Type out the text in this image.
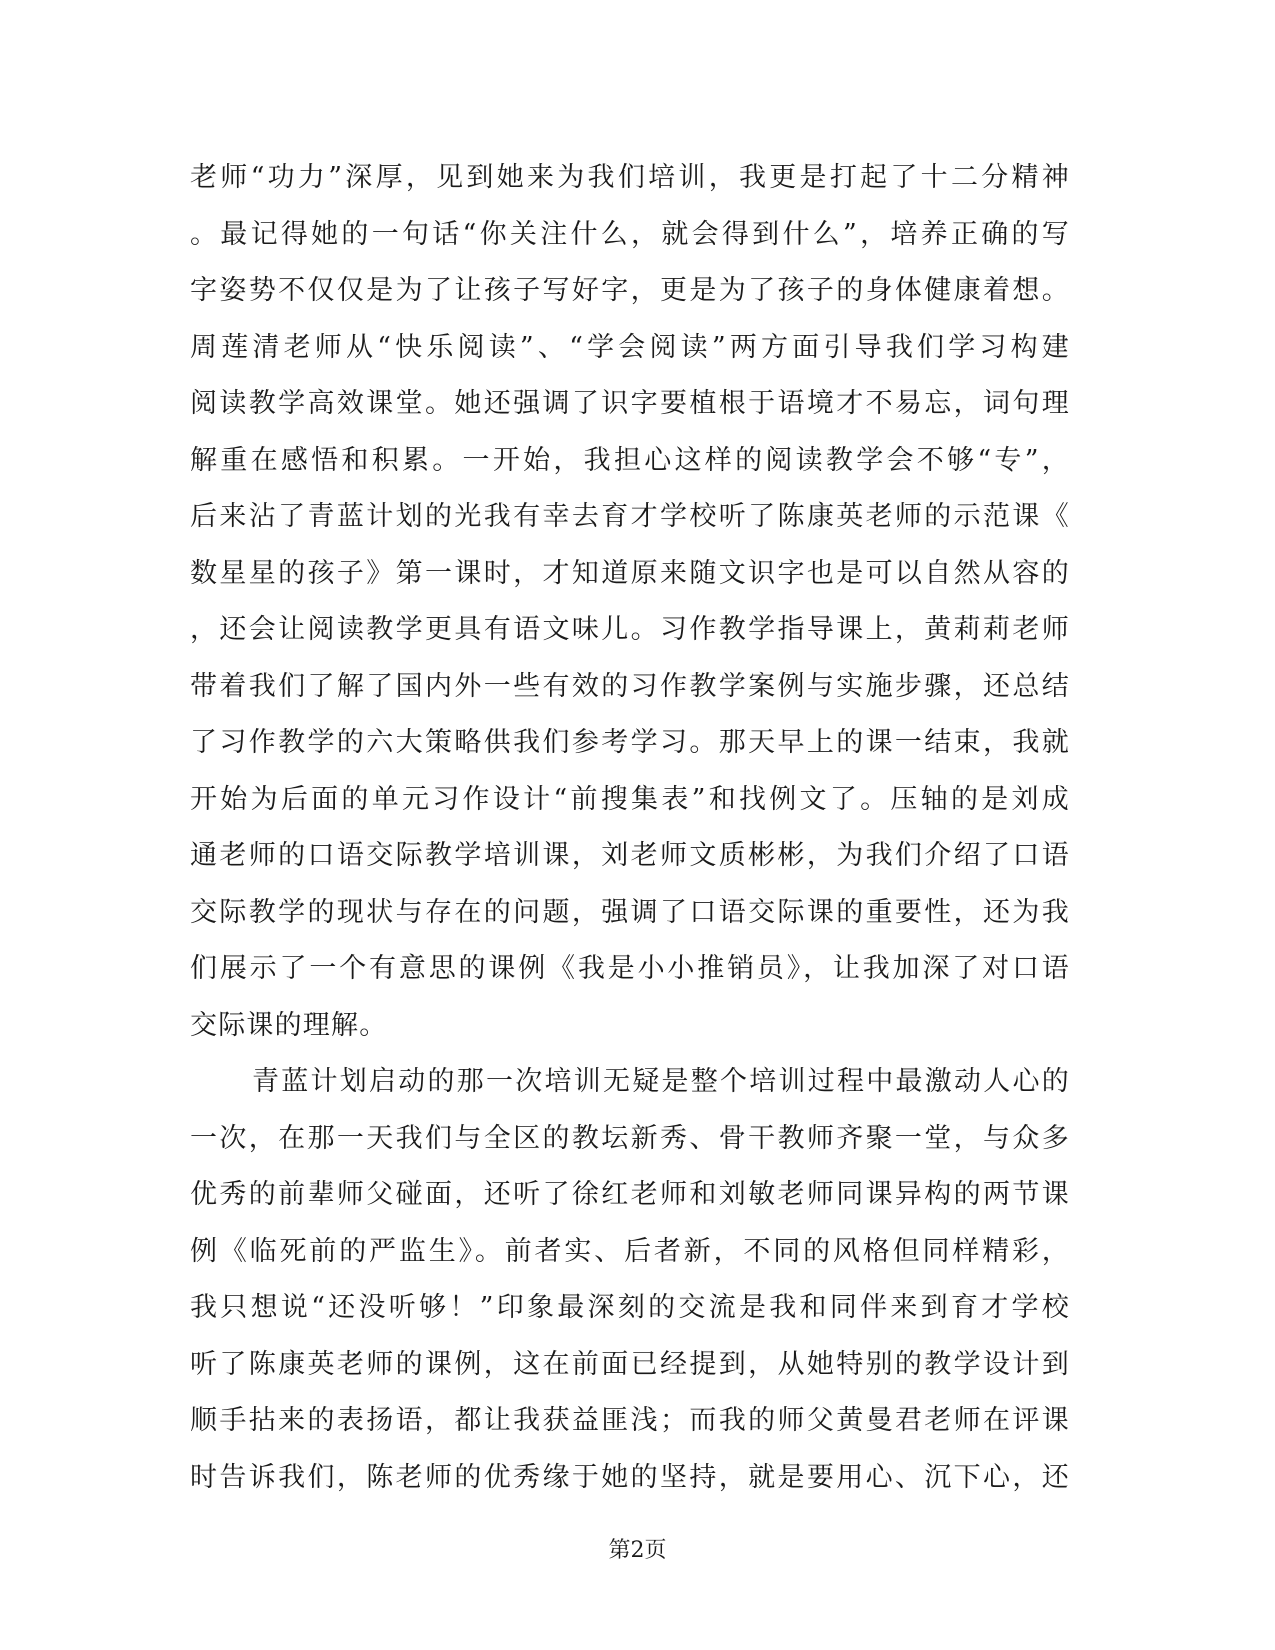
老师“功力”深厚，见到她来为我们培训，我更是打起了十二分精神
。最记得她的一句话“你关注什么，就会得到什么”，培养正确的写
字姿势不仅仅是为了让孩子写好字，更是为了孩子的身体健康着想。
周莲清老师从“快乐阅读”、“学会阅读”两方面引导我们学习构建
阅读教学高效课堂。她还强调了识字要植根于语境才不易忘，词句理
解重在感悟和积累。一开始，我担心这样的阅读教学会不够“专”，
后来沾了青蓝计划的光我有幸去育才学校听了陈康英老师的示范课《
数星星的孩子》第一课时，才知道原来随文识字也是可以自然从容的
，还会让阅读教学更具有语文味儿。习作教学指导课上，黄莉莉老师
带着我们了解了国内外一些有效的习作教学案例与实施步骤，还总结
了习作教学的六大策略供我们参考学习。那天早上的课一结束，我就
开始为后面的单元习作设计“前搜集表”和找例文了。压轴的是刘成
通老师的口语交际教学培训课，刘老师文质彬彬，为我们介绍了口语
交际教学的现状与存在的问题，强调了口语交际课的重要性，还为我
们展示了一个有意思的课例《我是小小推销员》，让我加深了对口语
交际课的理解。
青蓝计划启动的那一次培训无疑是整个培训过程中最激动人心的
一次，在那一天我们与全区的教坛新秀、骨干教师齐聚一堂，与众多
优秀的前辈师父碰面，还听了徐红老师和刘敏老师同课异构的两节课
例《临死前的严监生》。前者实、后者新，不同的风格但同样精彩，
我只想说“还没听够！”印象最深刻的交流是我和同伴来到育才学校
听了陈康英老师的课例，这在前面已经提到，从她特别的教学设计到
顺手拈来的表扬语，都让我获益匪浅；而我的师父黄曼君老师在评课
时告诉我们，陈老师的优秀缘于她的坚持，就是要用心、沉下心，还
第2页
